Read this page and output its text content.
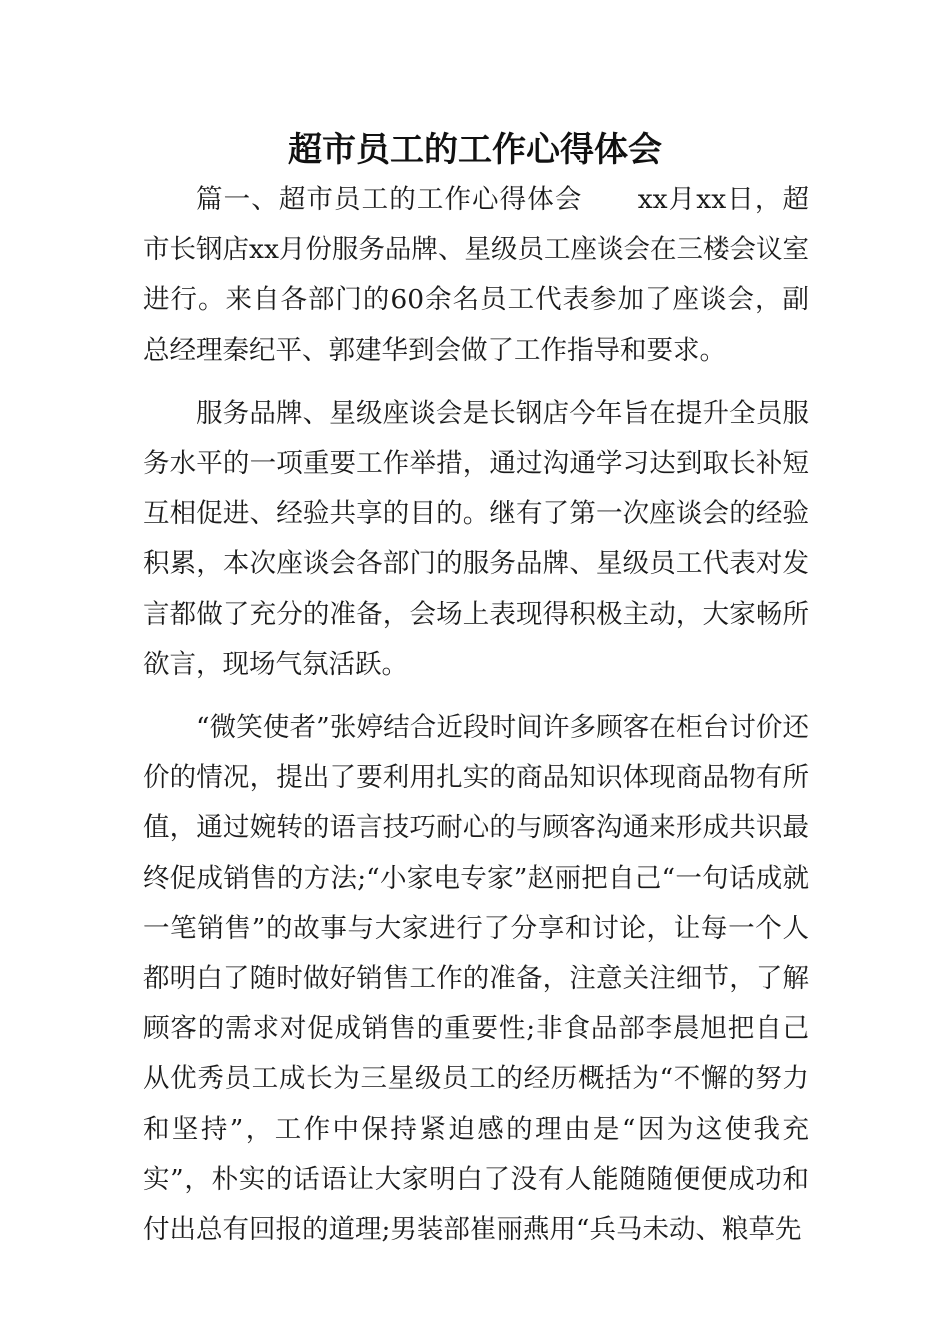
超市员工的工作心得体会

篇一、超市员工的工作心得体会　　xx月xx日，超市长钢店xx月份服务品牌、星级员工座谈会在三楼会议室进行。来自各部门的60余名员工代表参加了座谈会，副总经理秦纪平、郭建华到会做了工作指导和要求。

服务品牌、星级座谈会是长钢店今年旨在提升全员服务水平的一项重要工作举措，通过沟通学习达到取长补短互相促进、经验共享的目的。继有了第一次座谈会的经验积累，本次座谈会各部门的服务品牌、星级员工代表对发言都做了充分的准备，会场上表现得积极主动，大家畅所欲言，现场气氛活跃。

“微笑使者”张婷结合近段时间许多顾客在柜台讨价还价的情况，提出了要利用扎实的商品知识体现商品物有所值，通过婉转的语言技巧耐心的与顾客沟通来形成共识最终促成销售的方法;“小家电专家”赵丽把自己“一句话成就一笔销售”的故事与大家进行了分享和讨论，让每一个人都明白了随时做好销售工作的准备，注意关注细节，了解顾客的需求对促成销售的重要性;非食品部李晨旭把自己从优秀员工成长为三星级员工的经历概括为“不懈的努力和坚持”，工作中保持紧迫感的理由是“因为这使我充实”，朴实的话语让大家明白了没有人能随随便便成功和付出总有回报的道理;男装部崔丽燕用“兵马未动、粮草先
